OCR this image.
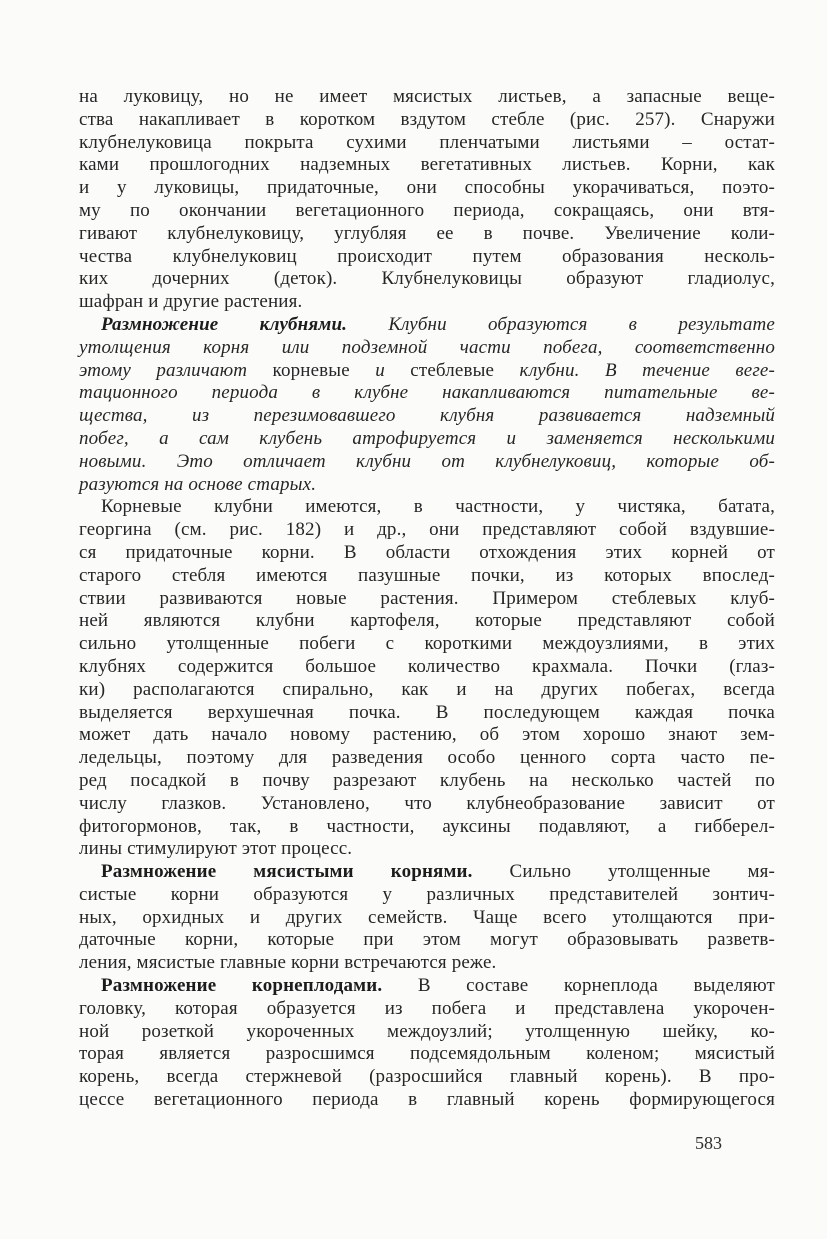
на луковицу, но не имеет мясистых листьев, а запасные веще-
ства накапливает в коротком вздутом стебле (рис. 257). Снаружи
клубнелуковица покрыта сухими пленчатыми листьями – остат-
ками прошлогодних надземных вегетативных листьев. Корни, как
и у луковицы, придаточные, они способны укорачиваться, поэто-
му по окончании вегетационного периода, сокращаясь, они втя-
гивают клубнелуковицу, углубляя ее в почве. Увеличение коли-
чества клубнелуковиц происходит путем образования несколь-
ких дочерних (деток). Клубнелуковицы образуют гладиолус,
шафран и другие растения.
Размножение клубнями. Клубни образуются в результате
утолщения корня или подземной части побега, соответственно
этому различают корневые и стеблевые клубни. В течение веге-
тационного периода в клубне накапливаются питательные ве-
щества, из перезимовавшего клубня развивается надземный
побег, а сам клубень атрофируется и заменяется несколькими
новыми. Это отличает клубни от клубнелуковиц, которые об-
разуются на основе старых.
Корневые клубни имеются, в частности, у чистяка, батата,
георгина (см. рис. 182) и др., они представляют собой вздувшие-
ся придаточные корни. В области отхождения этих корней от
старого стебля имеются пазушные почки, из которых впослед-
ствии развиваются новые растения. Примером стеблевых клуб-
ней являются клубни картофеля, которые представляют собой
сильно утолщенные побеги с короткими междоузлиями, в этих
клубнях содержится большое количество крахмала. Почки (глаз-
ки) располагаются спирально, как и на других побегах, всегда
выделяется верхушечная почка. В последующем каждая почка
может дать начало новому растению, об этом хорошо знают зем-
ледельцы, поэтому для разведения особо ценного сорта часто пе-
ред посадкой в почву разрезают клубень на несколько частей по
числу глазков. Установлено, что клубнеобразование зависит от
фитогормонов, так, в частности, ауксины подавляют, а гибберел-
лины стимулируют этот процесс.
Размножение мясистыми корнями. Сильно утолщенные мя-
систые корни образуются у различных представителей зонтич-
ных, орхидных и других семейств. Чаще всего утолщаются при-
даточные корни, которые при этом могут образовывать разветв-
ления, мясистые главные корни встречаются реже.
Размножение корнеплодами. В составе корнеплода выделяют
головку, которая образуется из побега и представлена укорочен-
ной розеткой укороченных междоузлий; утолщенную шейку, ко-
торая является разросшимся подсемядольным коленом; мясистый
корень, всегда стержневой (разросшийся главный корень). В про-
цессе вегетационного периода в главный корень формирующегося
583
